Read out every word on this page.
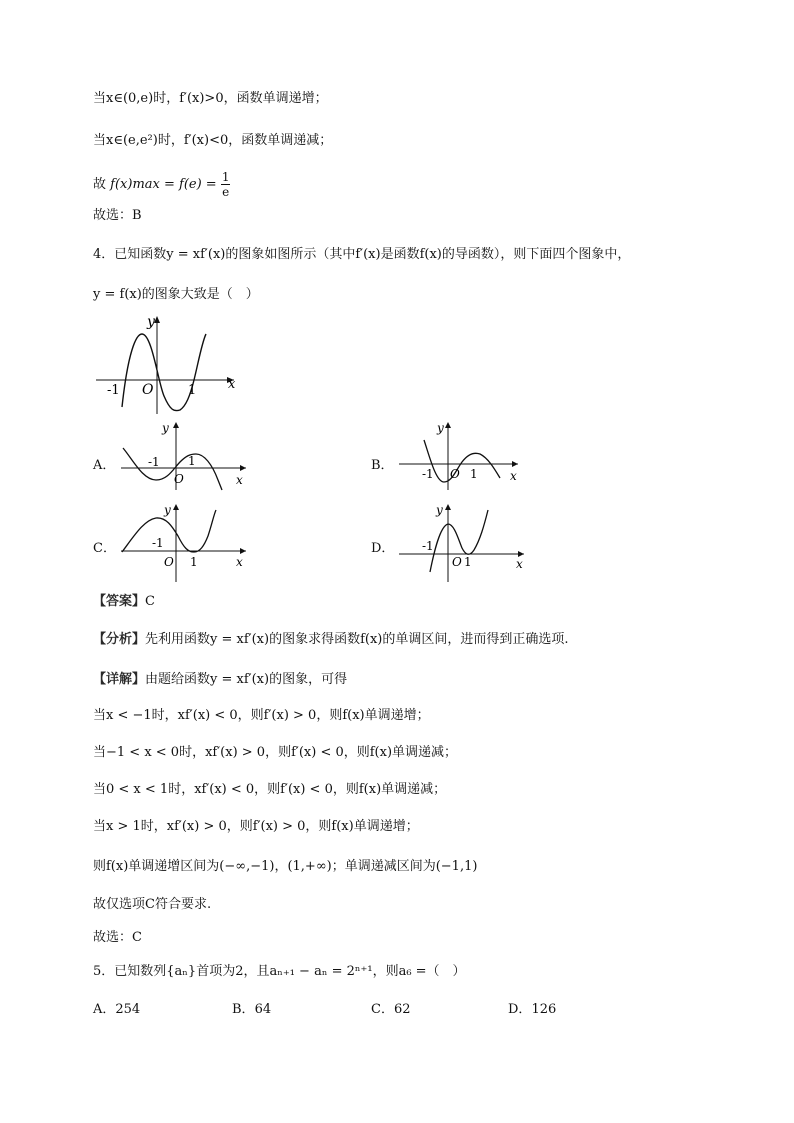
当x∈(0,e)时，f′(x)>0，函数单调递增；
当x∈(e,e²)时，f′(x)<0，函数单调递减；
故 $f(x)\max = f(e) = \frac{1}{e}$
故选：B
4．已知函数y = xf′(x)的图象如图所示（其中f′(x)是函数f(x)的导函数），则下面四个图象中，
y = f(x)的图象大致是（　）
y
x
O
-1	1
A．
y
x
O
-1 1	B．
y
x
O
-1	1
C．
y
x
O
-1
1
D．
y
x
O
-1
1
【答案】C
【分析】先利用函数y = xf′(x)的图象求得函数f(x)的单调区间，进而得到正确选项.
【详解】由题给函数y = xf′(x)的图象，可得
当x < −1时，xf′(x) < 0，则f′(x) > 0，则f(x)单调递增；
当−1 < x < 0时，xf′(x) > 0，则f′(x) < 0，则f(x)单调递减；
当0 < x < 1时，xf′(x) < 0，则f′(x) < 0，则f(x)单调递减；
当x > 1时，xf′(x) > 0，则f′(x) > 0，则f(x)单调递增；
则f(x)单调递增区间为(−∞,−1)，(1,+∞)；单调递减区间为(−1,1)
故仅选项C符合要求.
故选：C
5．已知数列{aₙ}首项为2，且aₙ₊₁ − aₙ = 2ⁿ⁺¹，则a₆ =（　）
A．254	B．64	C．62	D．126
